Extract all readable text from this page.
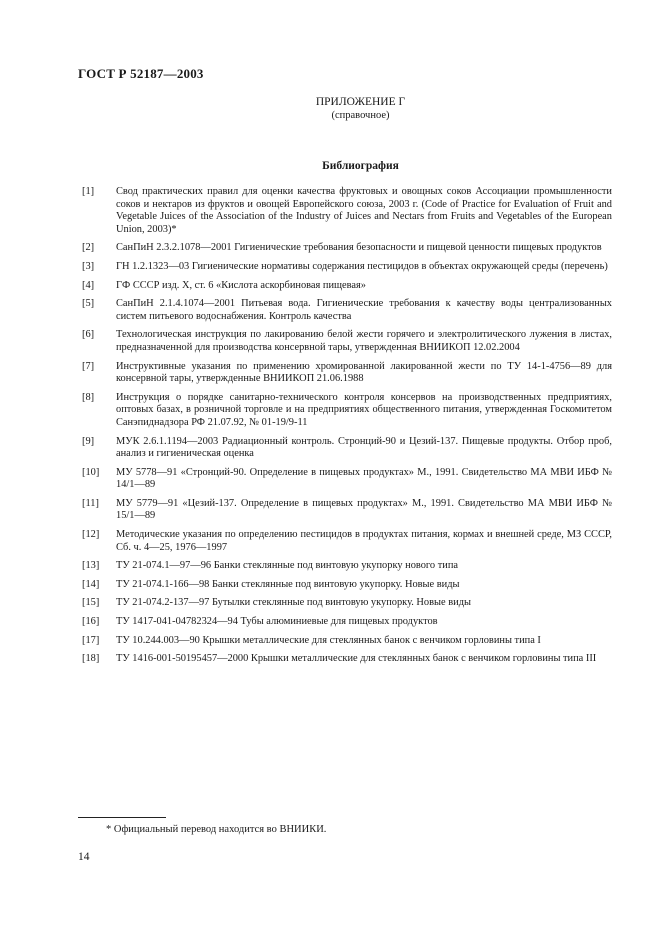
ГОСТ Р 52187—2003
ПРИЛОЖЕНИЕ Г
(справочное)
Библиография
[1]	Свод практических правил для оценки качества фруктовых и овощных соков Ассоциации промышленности соков и нектаров из фруктов и овощей Европейского союза, 2003 г. (Code of Practice for Evaluation of Fruit and Vegetable Juices of the Association of the Industry of Juices and Nectars from Fruits and Vegetables of the European Union, 2003)*
[2]	СанПиН 2.3.2.1078—2001 Гигиенические требования безопасности и пищевой ценности пищевых продуктов
[3]	ГН 1.2.1323—03 Гигиенические нормативы содержания пестицидов в объектах окружающей среды (перечень)
[4]	ГФ СССР изд. X, ст. 6 «Кислота аскорбиновая пищевая»
[5]	СанПиН 2.1.4.1074—2001 Питьевая вода. Гигиенические требования к качеству воды централизованных систем питьевого водоснабжения. Контроль качества
[6]	Технологическая инструкция по лакированию белой жести горячего и электролитического лужения в листах, предназначенной для производства консервной тары, утвержденная ВНИИКОП 12.02.2004
[7]	Инструктивные указания по применению хромированной лакированной жести по ТУ 14-1-4756—89 для консервной тары, утвержденные ВНИИКОП 21.06.1988
[8]	Инструкция о порядке санитарно-технического контроля консервов на производственных предприятиях, оптовых базах, в розничной торговле и на предприятиях общественного питания, утвержденная Госкомитетом Санэпиднадзора РФ 21.07.92, № 01-19/9-11
[9]	МУК 2.6.1.1194—2003 Радиационный контроль. Стронций-90 и Цезий-137. Пищевые продукты. Отбор проб, анализ и гигиеническая оценка
[10]	МУ 5778—91 «Стронций-90. Определение в пищевых продуктах» М., 1991. Свидетельство МА МВИ ИБФ № 14/1—89
[11]	МУ 5779—91 «Цезий-137. Определение в пищевых продуктах» М., 1991. Свидетельство МА МВИ ИБФ № 15/1—89
[12]	Методические указания по определению пестицидов в продуктах питания, кормах и внешней среде, МЗ СССР, Сб. ч. 4—25, 1976—1997
[13]	ТУ 21-074.1—97—96 Банки стеклянные под винтовую укупорку нового типа
[14]	ТУ 21-074.1-166—98 Банки стеклянные под винтовую укупорку. Новые виды
[15]	ТУ 21-074.2-137—97 Бутылки стеклянные под винтовую укупорку. Новые виды
[16]	ТУ 1417-041-04782324—94 Тубы алюминиевые для пищевых продуктов
[17]	ТУ 10.244.003—90 Крышки металлические для стеклянных банок с венчиком горловины типа I
[18]	ТУ 1416-001-50195457—2000 Крышки металлические для стеклянных банок с венчиком горловины типа III
* Официальный перевод находится во ВНИИКИ.
14
